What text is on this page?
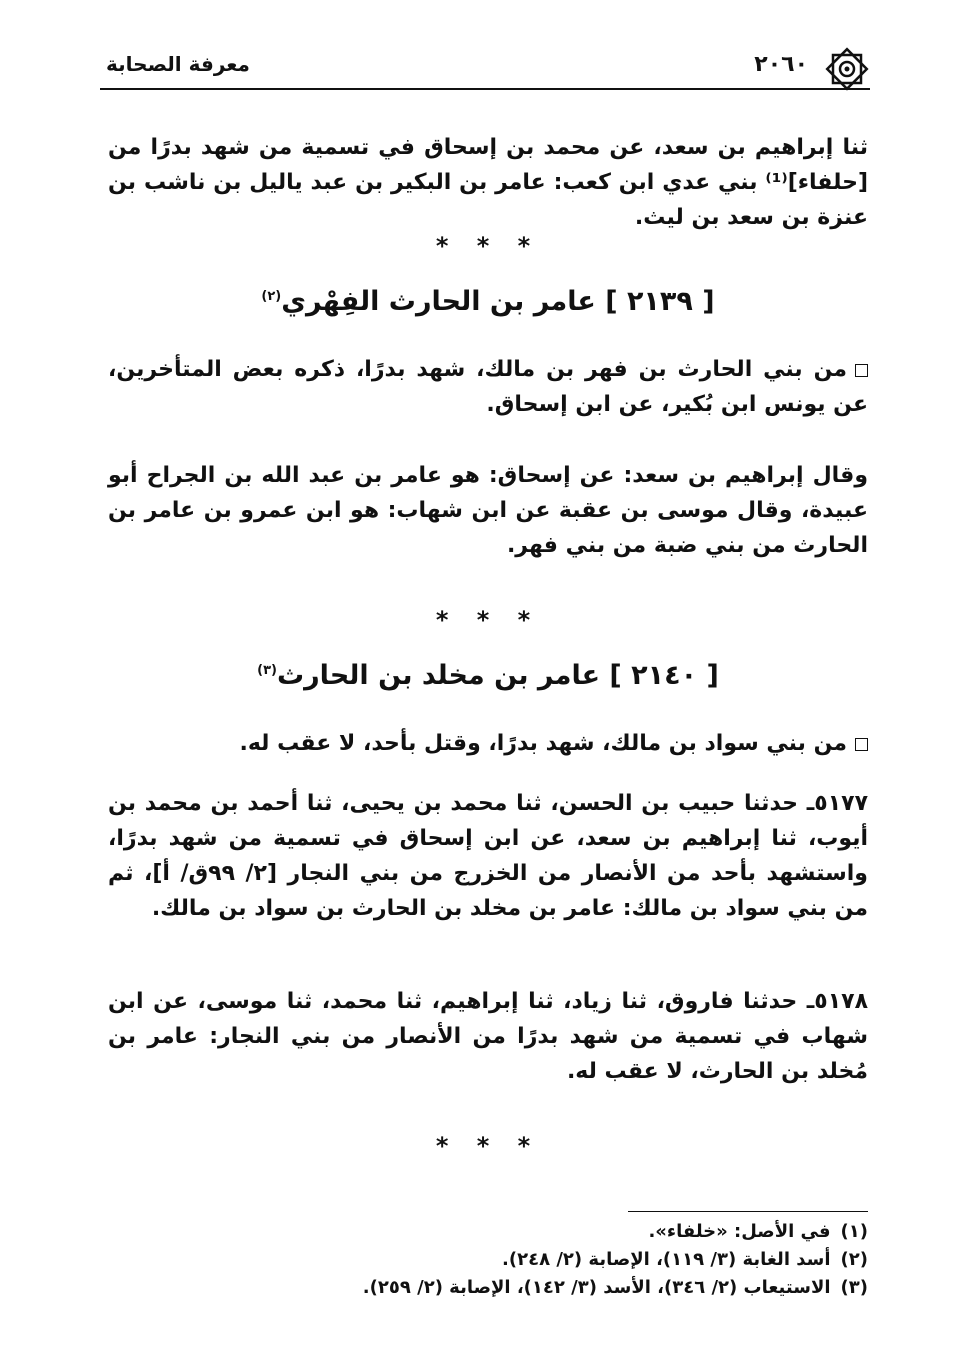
٢٠٦٠
معرفة الصحابة

ثنا إبراهيم بن سعد، عن محمد بن إسحاق في تسمية من شهد بدرًا من [حلفاء]⁽¹⁾ بني عدي ابن كعب: عامر بن البكير بن عبد ياليل بن ناشب بن عنزة بن سعد بن ليث.

* * *
[ ٢١٣٩ ] عامر بن الحارث الفِهْري$^{(٢)}$

من بني الحارث بن فهر بن مالك، شهد بدرًا، ذكره بعض المتأخرين، عن يونس ابن بُكير، عن ابن إسحاق.

وقال إبراهيم بن سعد: عن إسحاق: هو عامر بن عبد الله بن الجراح أبو عبيدة، وقال موسى بن عقبة عن ابن شهاب: هو ابن عمرو بن عامر بن الحارث من بني ضبة من بني فهر.

* * *
[ ٢١٤٠ ] عامر بن مخلد بن الحارث$^{(٣)}$

من بني سواد بن مالك، شهد بدرًا، وقتل بأحد، لا عقب له.

٥١٧٧ـ حدثنا حبيب بن الحسن، ثنا محمد بن يحيى، ثنا أحمد بن محمد بن أيوب، ثنا إبراهيم بن سعد، عن ابن إسحاق في تسمية من شهد بدرًا، واستشهد بأحد من الأنصار من الخزرج من بني النجار [٢/ ٩٩ق/ أ]، ثم من بني سواد بن مالك: عامر بن مخلد بن الحارث بن سواد بن مالك.

٥١٧٨ـ حدثنا فاروق، ثنا زياد، ثنا إبراهيم، ثنا محمد، ثنا موسى، عن ابن شهاب في تسمية من شهد بدرًا من الأنصار من بني النجار: عامر بن مُخلد بن الحارث، لا عقب له.

* * *
(١)في الأصل: «خلفاء».
(٢)أسد الغابة (٣/ ١١٩)، الإصابة (٢/ ٢٤٨).
(٣)الاستيعاب (٢/ ٣٤٦)، الأسد (٣/ ١٤٢)، الإصابة (٢/ ٢٥٩).
